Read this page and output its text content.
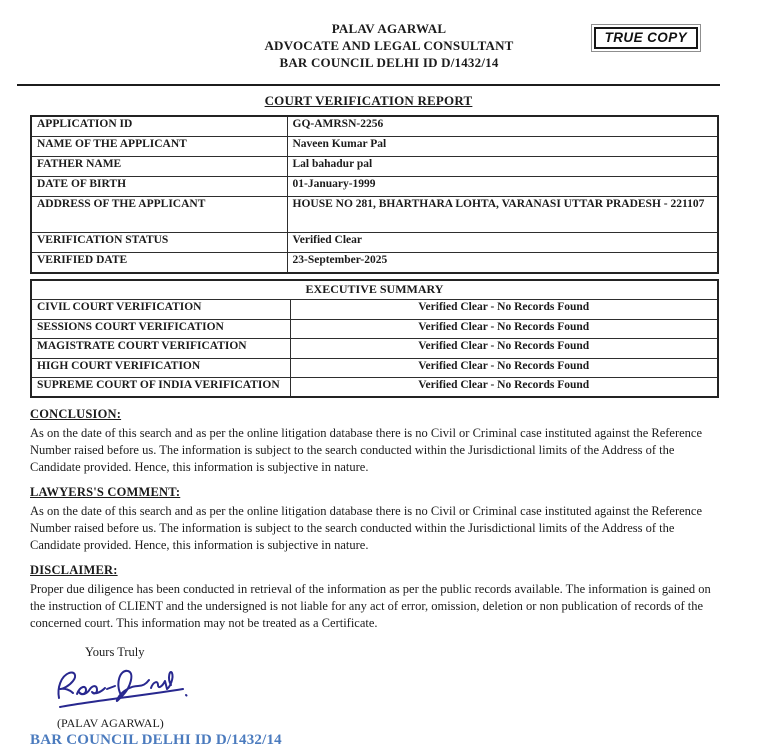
PALAV AGARWAL
ADVOCATE AND LEGAL CONSULTANT
BAR COUNCIL DELHI ID D/1432/14
TRUE COPY
COURT VERIFICATION REPORT
APPLICATION ID	GQ-AMRSN-2256
NAME OF THE APPLICANT	Naveen Kumar Pal
FATHER NAME	Lal bahadur pal
DATE OF BIRTH	01-January-1999
ADDRESS OF THE APPLICANT	HOUSE NO 281, BHARTHARA LOHTA, VARANASI UTTAR PRADESH - 221107
VERIFICATION STATUS	Verified Clear
VERIFIED DATE	23-September-2025
EXECUTIVE SUMMARY	
CIVIL COURT VERIFICATION	Verified Clear - No Records Found
SESSIONS COURT VERIFICATION	Verified Clear - No Records Found
MAGISTRATE COURT VERIFICATION	Verified Clear - No Records Found
HIGH COURT VERIFICATION	Verified Clear - No Records Found
SUPREME COURT OF INDIA VERIFICATION	Verified Clear - No Records Found
CONCLUSION:
As on the date of this search and as per the online litigation database there is no Civil or Criminal case instituted against the Reference Number raised before us. The information is subject to the search conducted within the Jurisdictional limits of the Address of the Candidate provided. Hence, this information is subjective in nature.
LAWYERS'S COMMENT:
As on the date of this search and as per the online litigation database there is no Civil or Criminal case instituted against the Reference Number raised before us. The information is subject to the search conducted within the Jurisdictional limits of the Address of the Candidate provided. Hence, this information is subjective in nature.
DISCLAIMER:
Proper due diligence has been conducted in retrieval of the information as per the public records available. The information is gained on the instruction of CLIENT and the undersigned is not liable for any act of error, omission, deletion or non publication of records of the concerned court. This information may not be treated as a Certificate.
Yours Truly
(PALAV AGARWAL)
BAR COUNCIL DELHI ID D/1432/14
